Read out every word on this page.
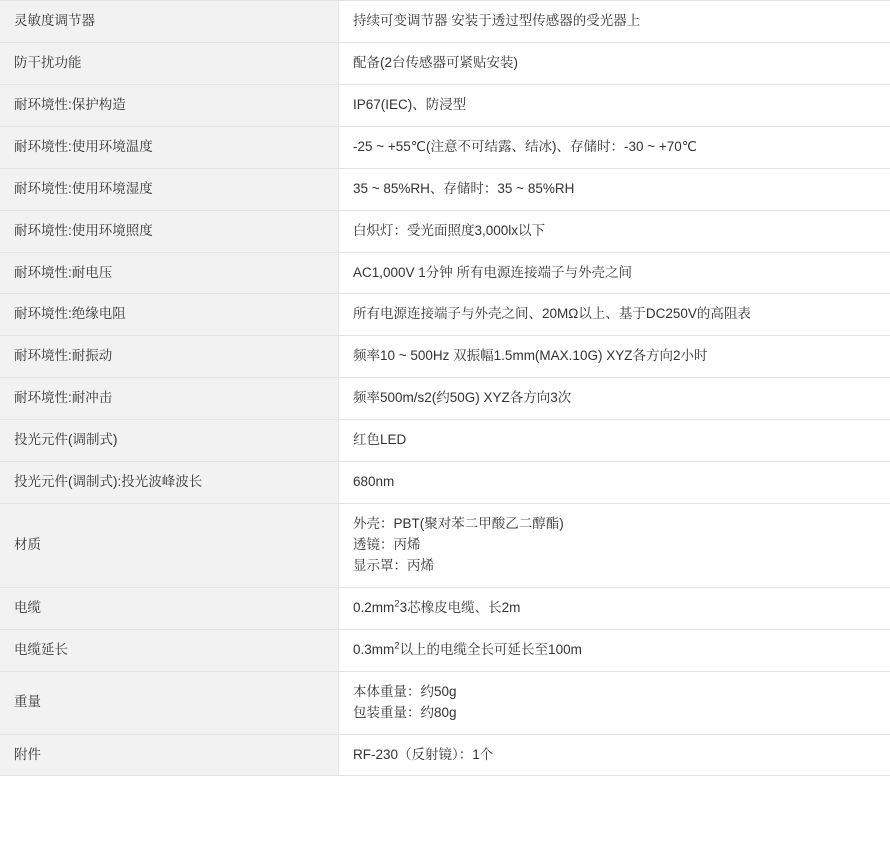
灵敏度调节器	持续可变调节器 安装于透过型传感器的受光器上

防干扰功能	配备(2台传感器可紧贴安装)

耐环境性:保护构造	IP67(IEC)、防浸型

耐环境性:使用环境温度	-25 ~ +55℃(注意不可结露、结冰)、存储时：-30 ~ +70℃

耐环境性:使用环境湿度	35 ~ 85%RH、存储时：35 ~ 85%RH

耐环境性:使用环境照度	白炽灯：受光面照度3,000lx以下

耐环境性:耐电压	AC1,000V 1分钟 所有电源连接端子与外壳之间

耐环境性:绝缘电阻	所有电源连接端子与外壳之间、20MΩ以上、基于DC250V的高阻表

耐环境性:耐振动	频率10 ~ 500Hz 双振幅1.5mm(MAX.10G) XYZ各方向2小时

耐环境性:耐冲击	频率500m/s2(约50G) XYZ各方向3次

投光元件(调制式)	红色LED

投光元件(调制式):投光波峰波长	680nm

材质	外壳：PBT(聚对苯二甲酸乙二醇酯)
透镜：丙烯
显示罩：丙烯

电缆	$0.2mm^23$芯橡皮电缆、长2m

电缆延长	$0.3mm^2$以上的电缆全长可延长至100m

重量	本体重量：约50g
包装重量：约80g

附件	RF-230（反射镜）：1个
